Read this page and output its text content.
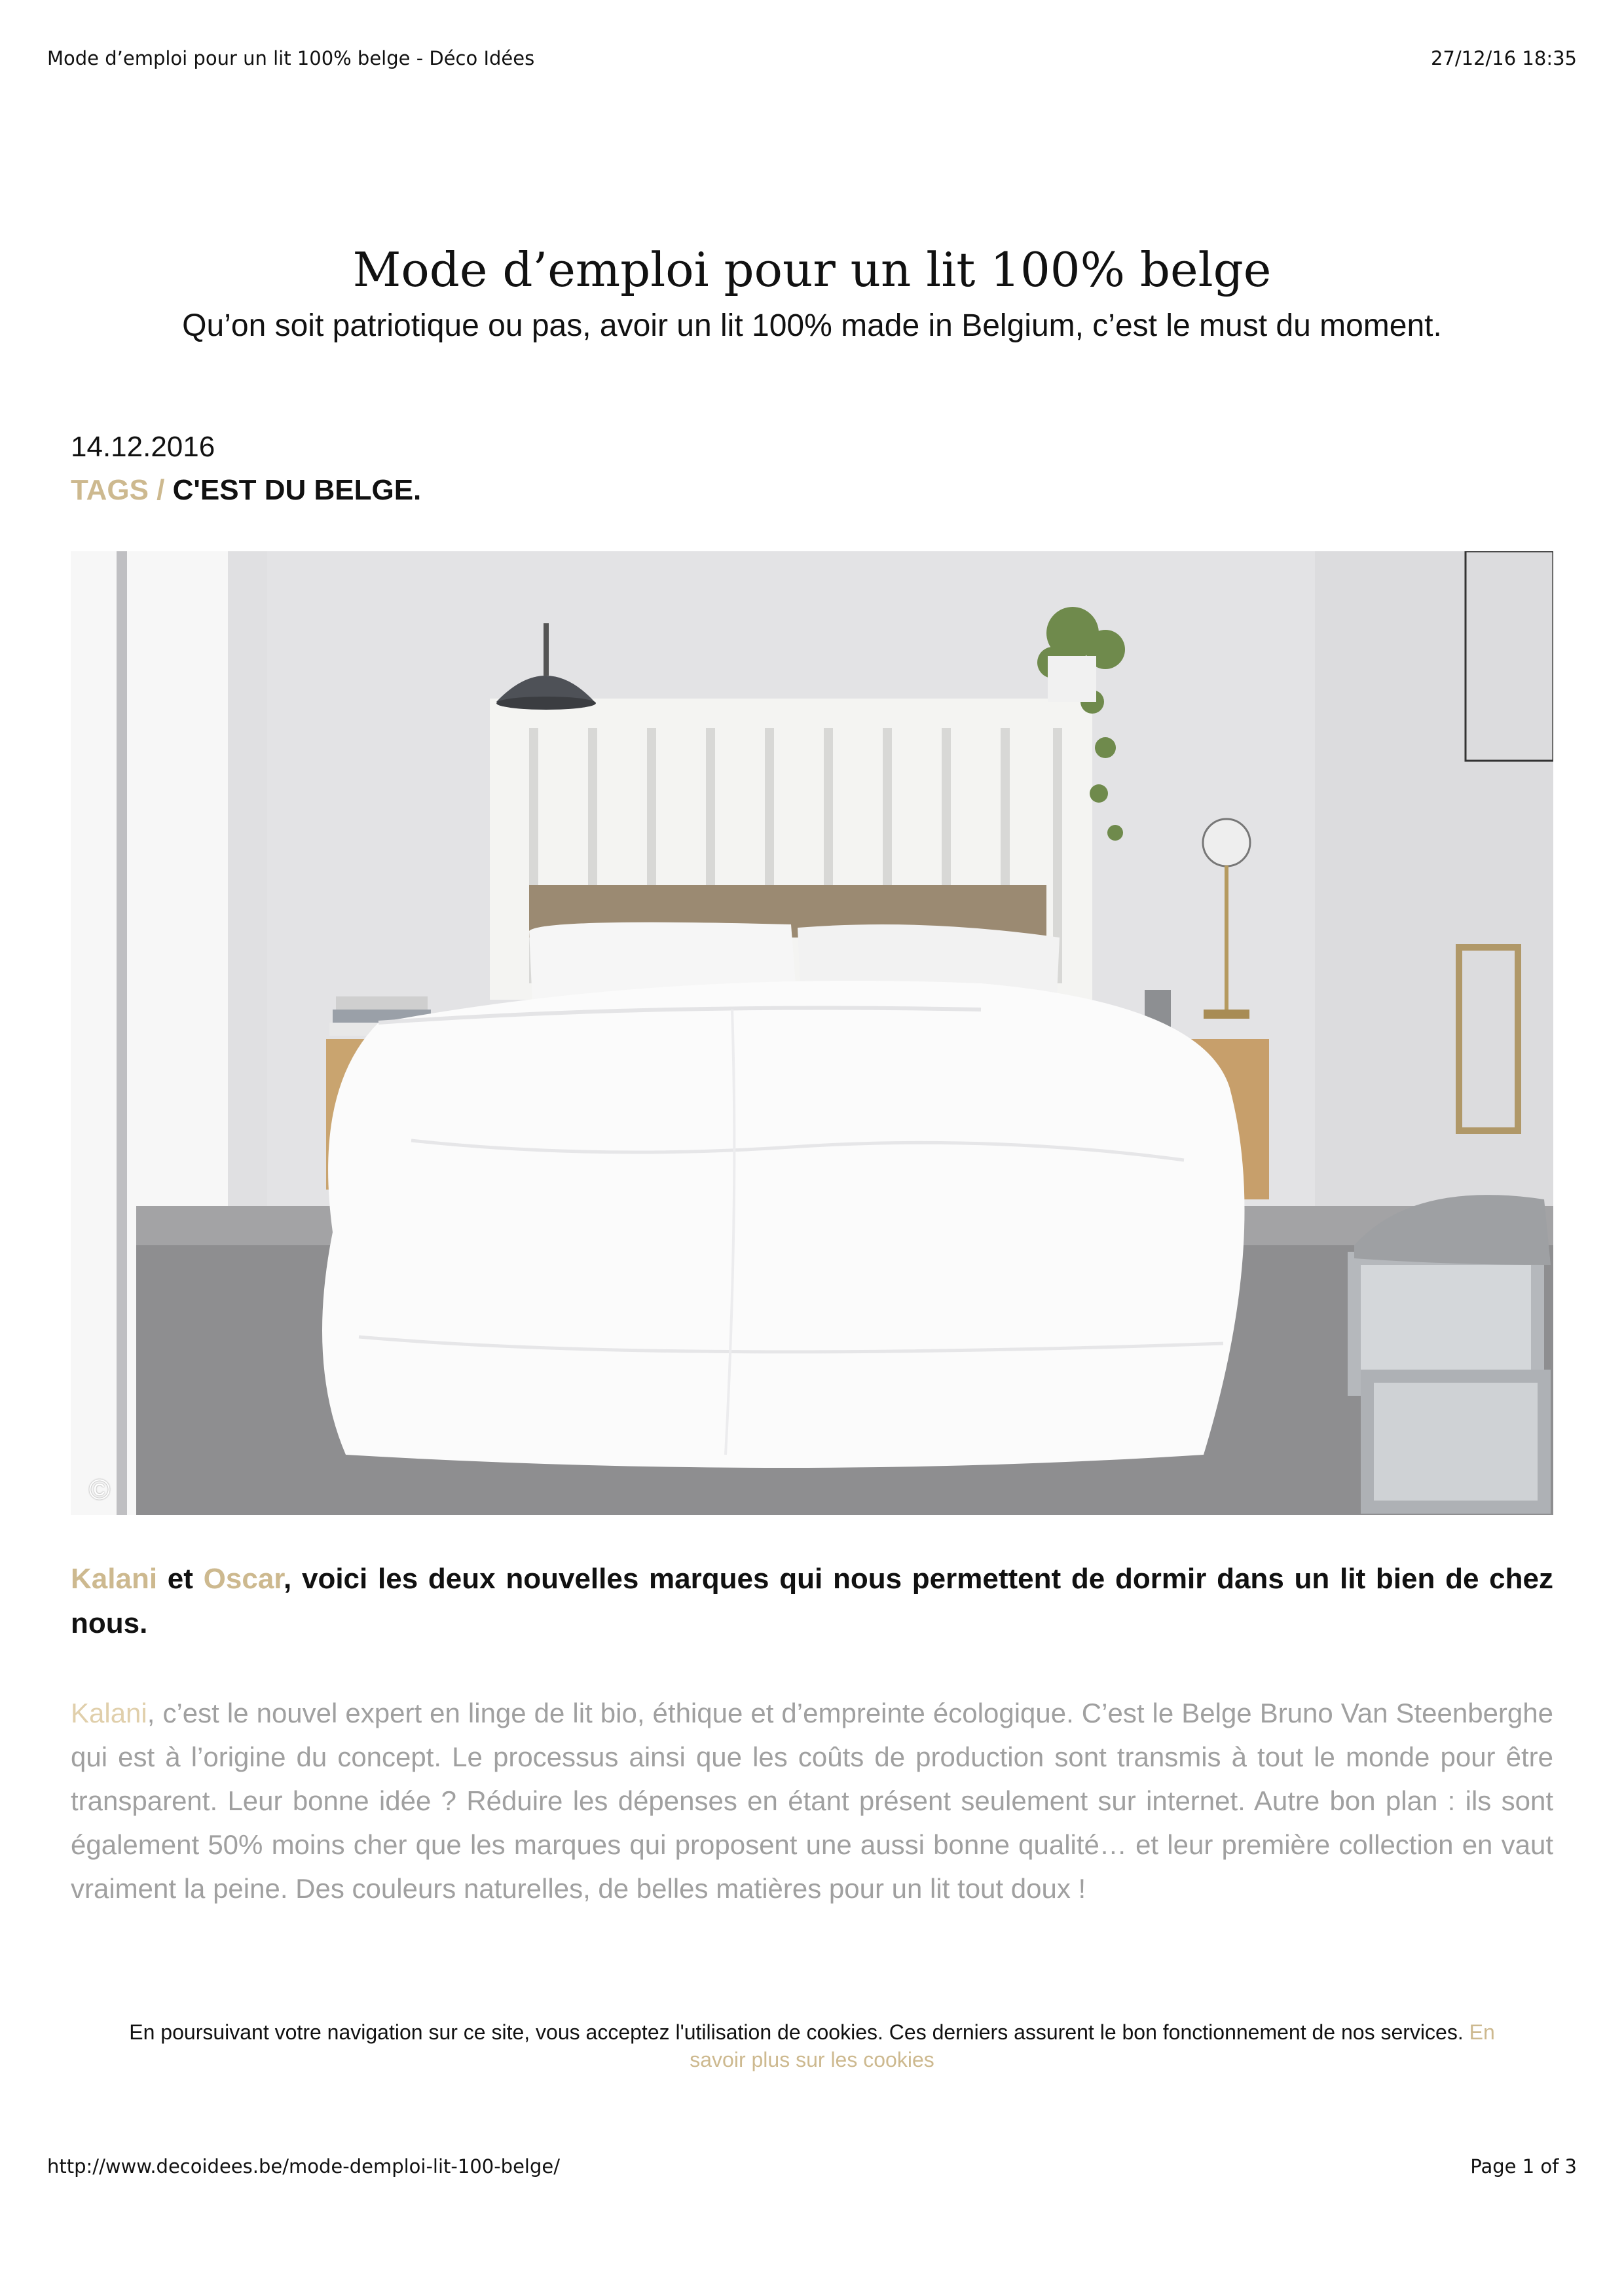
Mode d’emploi pour un lit 100% belge - Déco Idées	27/12/16 18:35
Mode d’emploi pour un lit 100% belge
Qu’on soit patriotique ou pas, avoir un lit 100% made in Belgium, c’est le must du moment.
14.12.2016
TAGS / C'EST DU BELGE.
©

Kalani et Oscar, voici les deux nouvelles marques qui nous permettent de dormir dans un lit bien de chez nous.

Kalani, c’est le nouvel expert en linge de lit bio, éthique et d’empreinte écologique. C’est le Belge Bruno Van Steenberghe qui est à l’origine du concept. Le processus ainsi que les coûts de production sont transmis à tout le monde pour être transparent. Leur bonne idée ? Réduire les dépenses en étant présent seulement sur internet. Autre bon plan : ils sont également 50% moins cher que les marques qui proposent une aussi bonne qualité… et leur première collection en vaut vraiment la peine. Des couleurs naturelles, de belles matières pour un lit tout doux !

En poursuivant votre navigation sur ce site, vous acceptez l'utilisation de cookies. Ces derniers assurent le bon fonctionnement de nos services. En savoir plus sur les cookies
http://www.decoidees.be/mode-demploi-lit-100-belge/	Page 1 of 3
